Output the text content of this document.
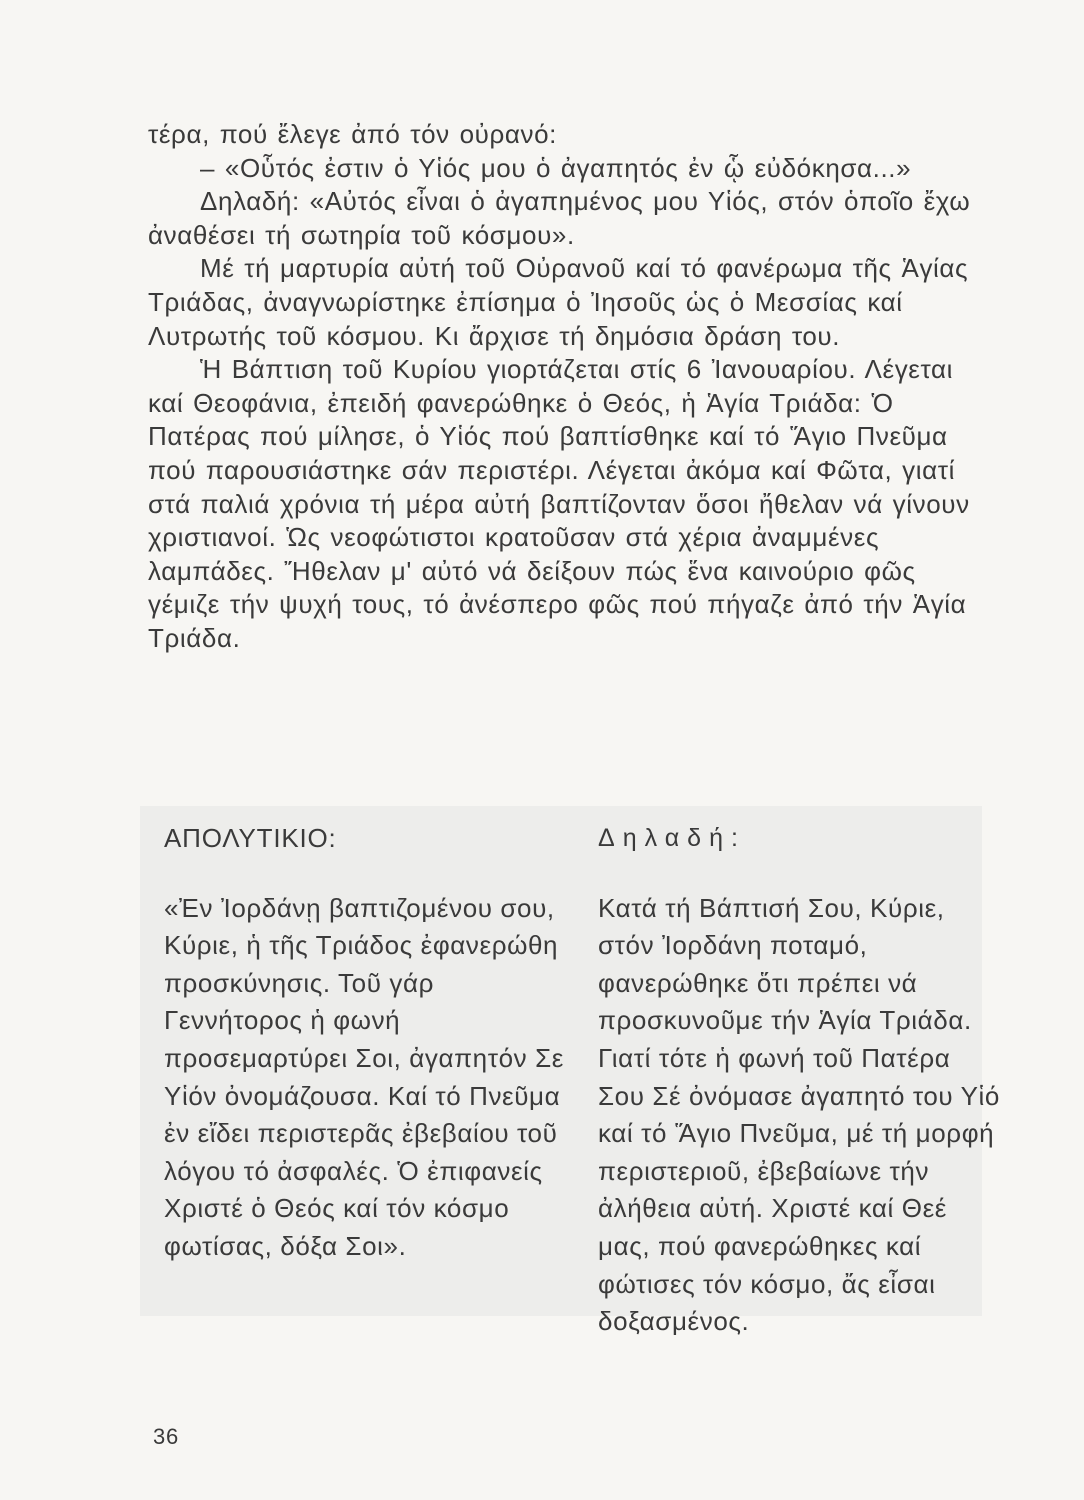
τέρα, πού ἔλεγε ἀπό τόν οὐρανό:

– «Οὗτός ἐστιν ὁ Υἱός μου ὁ ἀγαπητός ἐν ᾧ εὐδόκησα...»

Δηλαδή: «Αὐτός εἶναι ὁ ἀγαπημένος μου Υἱός, στόν ὁποῖο ἔχω ἀναθέσει τή σωτηρία τοῦ κόσμου».

Μέ τή μαρτυρία αὐτή τοῦ Οὐρανοῦ καί τό φανέρωμα τῆς Ἁγίας Τριάδας, ἀναγνωρίστηκε ἐπίσημα ὁ Ἰησοῦς ὡς ὁ Μεσσίας καί Λυτρωτής τοῦ κόσμου. Κι ἄρχισε τή δημόσια δράση του.

Ἡ Βάπτιση τοῦ Κυρίου γιορτάζεται στίς 6 Ἰανουαρίου. Λέγεται καί Θεοφάνια, ἐπειδή φανερώθηκε ὁ Θεός, ἡ Ἁγία Τριάδα: Ὁ Πατέρας πού μίλησε, ὁ Υἱός πού βαπτίσθηκε καί τό Ἅγιο Πνεῦμα πού παρουσιάστηκε σάν περιστέρι. Λέγεται ἀκόμα καί Φῶτα, γιατί στά παλιά χρόνια τή μέρα αὐτή βαπτίζονταν ὅσοι ἤθελαν νά γίνουν χριστιανοί. Ὡς νεοφώτιστοι κρατοῦσαν στά χέρια ἀναμμένες λαμπάδες. Ἤθελαν μ' αὐτό νά δείξουν πώς ἕνα καινούριο φῶς γέμιζε τήν ψυχή τους, τό ἀνέσπερο φῶς πού πήγαζε ἀπό τήν Ἁγία Τριάδα.

ΑΠΟΛΥΤΙΚΙΟ:

«Ἐν Ἰορδάνῃ βαπτιζομένου σου, Κύριε, ἡ τῆς Τριάδος ἐφανερώθη προσκύνησις. Τοῦ γάρ Γεννήτορος ἡ φωνή προσεμαρτύρει Σοι, ἀγαπητόν Σε Υἱόν ὀνομάζουσα. Καί τό Πνεῦμα ἐν εἴδει περιστερᾶς ἐβεβαίου τοῦ λόγου τό ἀσφαλές. Ὁ ἐπιφανείς Χριστέ ὁ Θεός καί τόν κόσμο φωτίσας, δόξα Σοι».

Δηλαδή:

Κατά τή Βάπτισή Σου, Κύριε, στόν Ἰορδάνη ποταμό, φανερώθηκε ὅτι πρέπει νά προσκυνοῦμε τήν Ἁγία Τριάδα. Γιατί τότε ἡ φωνή τοῦ Πατέρα Σου Σέ ὀνόμασε ἀγαπητό του Υἱό καί τό Ἅγιο Πνεῦμα, μέ τή μορφή περιστεριοῦ, ἐβεβαίωνε τήν ἀλήθεια αὐτή. Χριστέ καί Θεέ μας, πού φανερώθηκες καί φώτισες τόν κόσμο, ἄς εἶσαι δοξασμένος.

36
